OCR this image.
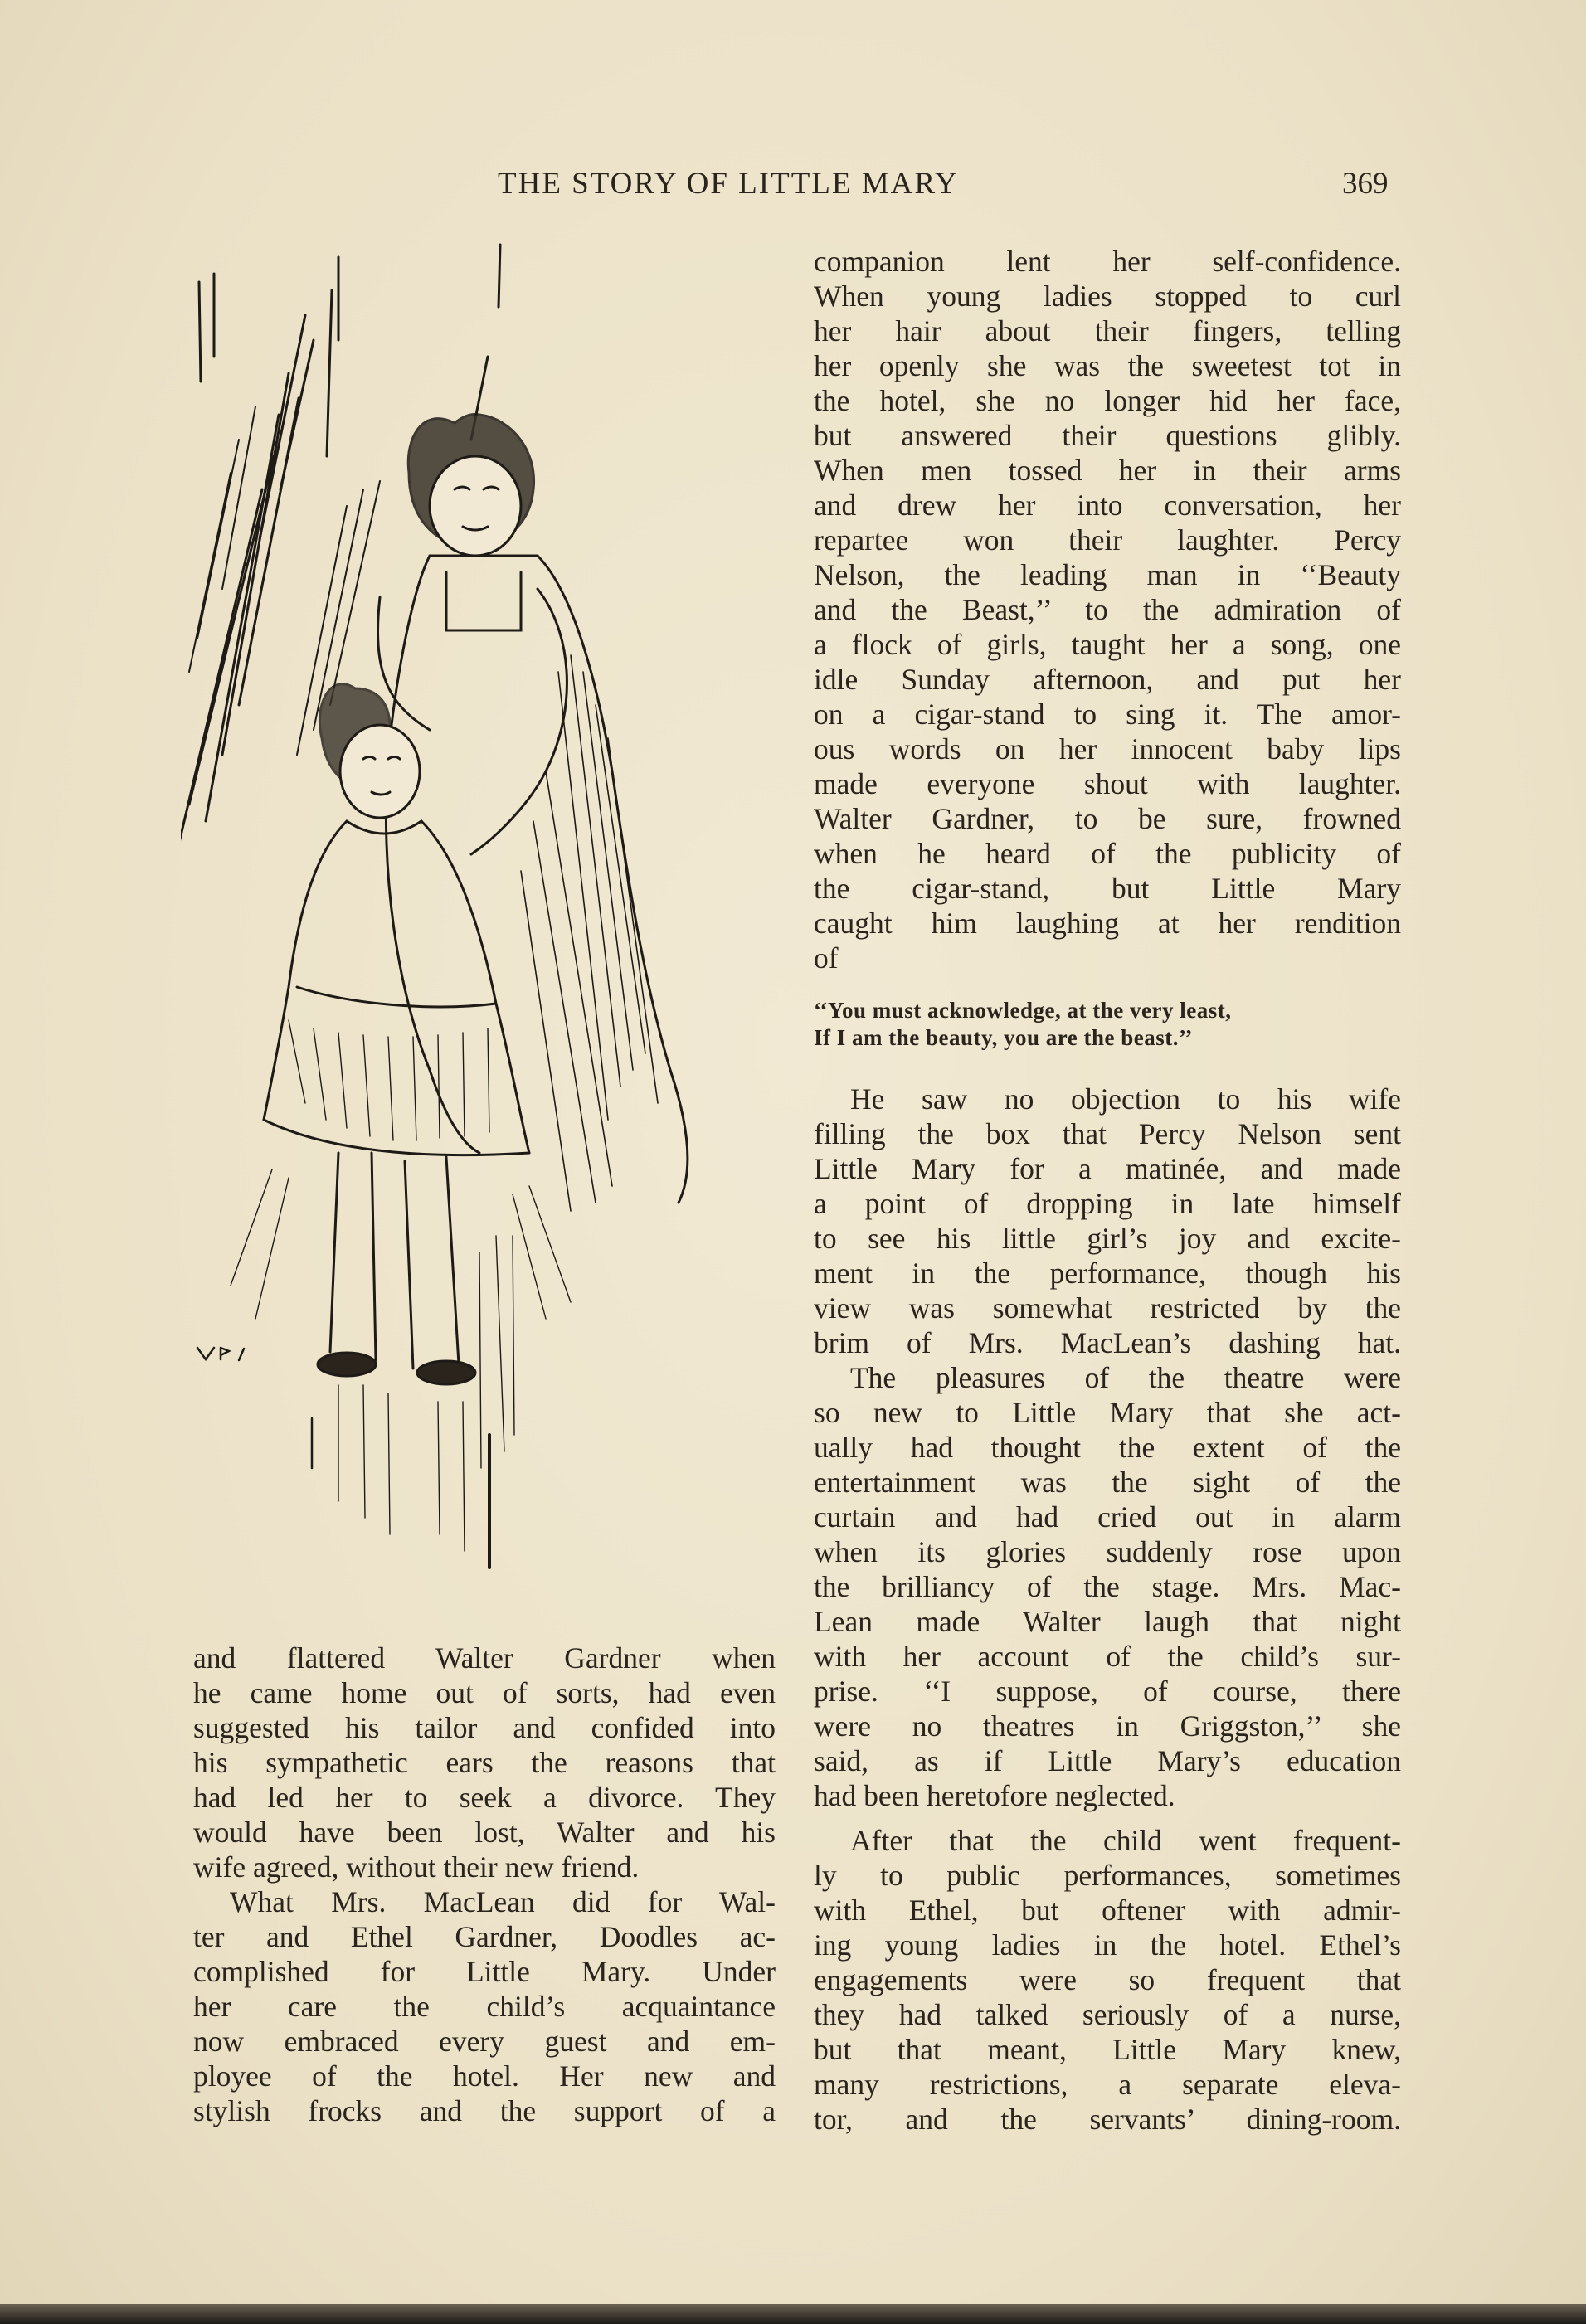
THE STORY OF LITTLE MARY	369

and flattered Walter Gardner when
he came home out of sorts, had even
suggested his tailor and confided into
his sympathetic ears the reasons that
had led her to seek a divorce. They
would have been lost, Walter and his
wife agreed, without their new friend.

What Mrs. MacLean did for Wal-
ter and Ethel Gardner, Doodles ac-
complished for Little Mary. Under
her care the child’s acquaintance
now embraced every guest and em-
ployee of the hotel. Her new and
stylish frocks and the support of a

companion lent her self-confidence.
When young ladies stopped to curl
her hair about their fingers, telling
her openly she was the sweetest tot in
the hotel, she no longer hid her face,
but answered their questions glibly.
When men tossed her in their arms
and drew her into conversation, her
repartee won their laughter. Percy
Nelson, the leading man in ‘‘Beauty
and the Beast,’’ to the admiration of
a flock of girls, taught her a song, one
idle Sunday afternoon, and put her
on a cigar-stand to sing it. The amor-
ous words on her innocent baby lips
made everyone shout with laughter.
Walter Gardner, to be sure, frowned
when he heard of the publicity of
the cigar-stand, but Little Mary
caught him laughing at her rendition
of

‘‘You must acknowledge, at the very least,
If I am the beauty, you are the beast.’’

He saw no objection to his wife
filling the box that Percy Nelson sent
Little Mary for a matinée, and made
a point of dropping in late himself
to see his little girl’s joy and excite-
ment in the performance, though his
view was somewhat restricted by the
brim of Mrs. MacLean’s dashing hat.

The pleasures of the theatre were
so new to Little Mary that she act-
ually had thought the extent of the
entertainment was the sight of the
curtain and had cried out in alarm
when its glories suddenly rose upon
the brilliancy of the stage. Mrs. Mac-
Lean made Walter laugh that night
with her account of the child’s sur-
prise. ‘‘I suppose, of course, there
were no theatres in Griggston,’’ she
said, as if Little Mary’s education
had been heretofore neglected.

After that the child went frequent-
ly to public performances, sometimes
with Ethel, but oftener with admir-
ing young ladies in the hotel. Ethel’s
engagements were so frequent that
they had talked seriously of a nurse,
but that meant, Little Mary knew,
many restrictions, a separate eleva-
tor, and the servants’ dining-room.
